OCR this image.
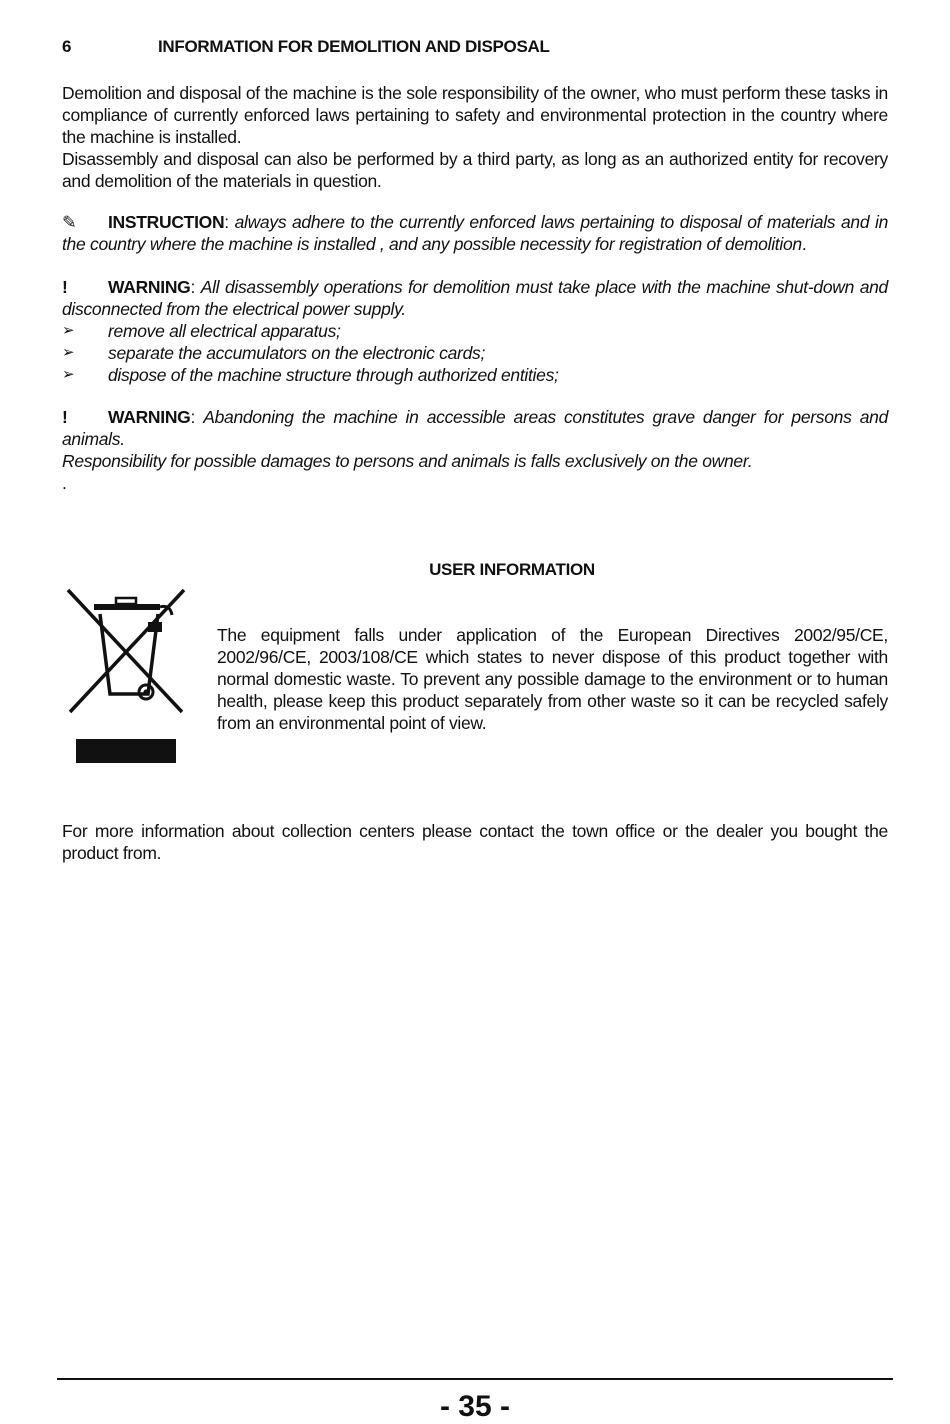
6	INFORMATION FOR DEMOLITION AND DISPOSAL

Demolition and disposal of the machine is the sole responsibility of the owner, who must perform these tasks in compliance of currently enforced laws pertaining to safety and environmental protection in the country where the machine is installed.

Disassembly and disposal can also be performed by a third party, as long as an authorized entity for recovery and demolition of the materials in question.

✎ INSTRUCTION: always adhere to the currently enforced laws pertaining to disposal of materials and in the country where the machine is installed , and any possible necessity for registration of demolition.

! WARNING: All disassembly operations for demolition must take place with the machine shut-down and disconnected from the electrical power supply.

➢	remove all electrical apparatus;
➢	separate the accumulators on the electronic cards;
➢	dispose of the machine structure through authorized entities;

! WARNING: Abandoning the machine in accessible areas constitutes grave danger for persons and animals.

Responsibility for possible damages to persons and animals is falls exclusively on the owner.

.

USER INFORMATION
The equipment falls under application of the European Directives 2002/95/CE, 2002/96/CE, 2003/108/CE which states to never dispose of this product together with normal domestic waste. To prevent any possible damage to the environment or to human health, please keep this product separately from other waste so it can be recycled safely from an environmental point of view.
For more information about collection centers please contact the town office or the dealer you bought the product from.
- 35 -
